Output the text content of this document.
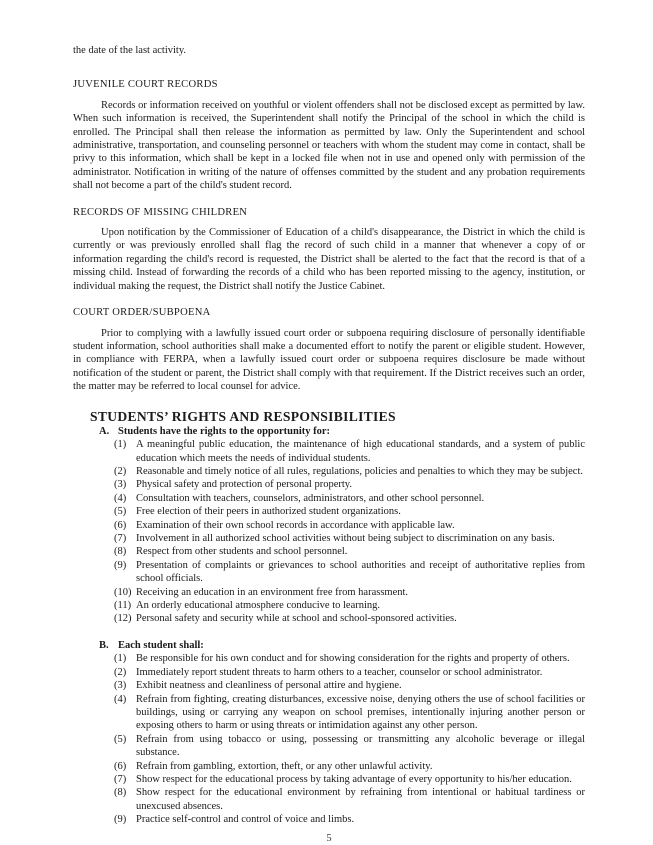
the date of the last activity.
JUVENILE COURT RECORDS
Records or information received on youthful or violent offenders shall not be disclosed except as permitted by law. When such information is received, the Superintendent shall notify the Principal of the school in which the child is enrolled. The Principal shall then release the information as permitted by law. Only the Superintendent and school administrative, transportation, and counseling personnel or teachers with whom the student may come in contact, shall be privy to this information, which shall be kept in a locked file when not in use and opened only with permission of the administrator. Notification in writing of the nature of offenses committed by the student and any probation requirements shall not become a part of the child's student record.
RECORDS OF MISSING CHILDREN
Upon notification by the Commissioner of Education of a child's disappearance, the District in which the child is currently or was previously enrolled shall flag the record of such child in a manner that whenever a copy of or information regarding the child's record is requested, the District shall be alerted to the fact that the record is that of a missing child. Instead of forwarding the records of a child who has been reported missing to the agency, institution, or individual making the request, the District shall notify the Justice Cabinet.
COURT ORDER/SUBPOENA
Prior to complying with a lawfully issued court order or subpoena requiring disclosure of personally identifiable student information, school authorities shall make a documented effort to notify the parent or eligible student. However, in compliance with FERPA, when a lawfully issued court order or subpoena requires disclosure be made without notification of the student or parent, the District shall comply with that requirement. If the District receives such an order, the matter may be referred to local counsel for advice.
STUDENTS’ RIGHTS AND RESPONSIBILITIES
A. Students have the rights to the opportunity for:
(1) A meaningful public education, the maintenance of high educational standards, and a system of public education which meets the needs of individual students.
(2) Reasonable and timely notice of all rules, regulations, policies and penalties to which they may be subject.
(3) Physical safety and protection of personal property.
(4) Consultation with teachers, counselors, administrators, and other school personnel.
(5) Free election of their peers in authorized student organizations.
(6) Examination of their own school records in accordance with applicable law.
(7) Involvement in all authorized school activities without being subject to discrimination on any basis.
(8) Respect from other students and school personnel.
(9) Presentation of complaints or grievances to school authorities and receipt of authoritative replies from school officials.
(10) Receiving an education in an environment free from harassment.
(11) An orderly educational atmosphere conducive to learning.
(12) Personal safety and security while at school and school-sponsored activities.
B. Each student shall:
(1) Be responsible for his own conduct and for showing consideration for the rights and property of others.
(2) Immediately report student threats to harm others to a teacher, counselor or school administrator.
(3) Exhibit neatness and cleanliness of personal attire and hygiene.
(4) Refrain from fighting, creating disturbances, excessive noise, denying others the use of school facilities or buildings, using or carrying any weapon on school premises, intentionally injuring another person or exposing others to harm or using threats or intimidation against any other person.
(5) Refrain from using tobacco or using, possessing or transmitting any alcoholic beverage or illegal substance.
(6) Refrain from gambling, extortion, theft, or any other unlawful activity.
(7) Show respect for the educational process by taking advantage of every opportunity to his/her education.
(8) Show respect for the educational environment by refraining from intentional or habitual tardiness or unexcused absences.
(9) Practice self-control and control of voice and limbs.
5
